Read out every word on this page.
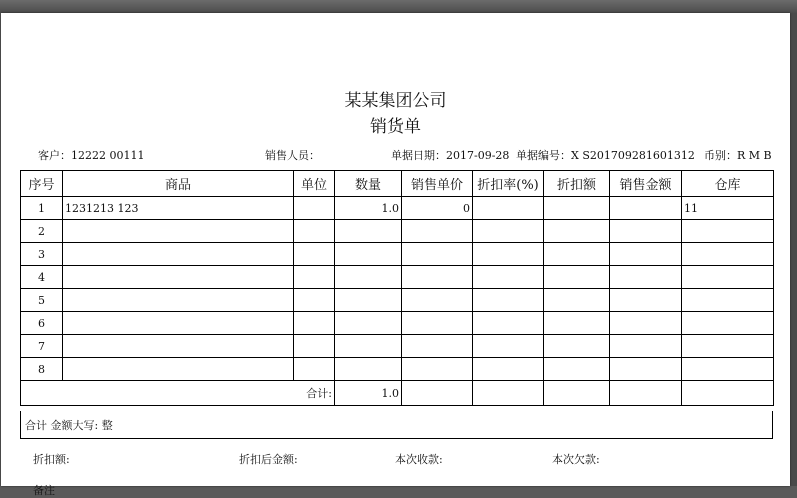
某某集团公司
销货单
客户：12222 00111	销售人员：	单据日期：2017-09-28 单据编号：X S201709281601312 币别：R M B
序号	商品	单位	数量	销售单价	折扣率(%)	折扣额	销售金额	仓库
1	1231213 123		1.0	0				11
2								
3								
4								
5								
6								
7								
8								
合计:			1.0					
合计 金额大写: 整
折扣额:	折扣后金额:	本次收款:	本次欠款:
备注
